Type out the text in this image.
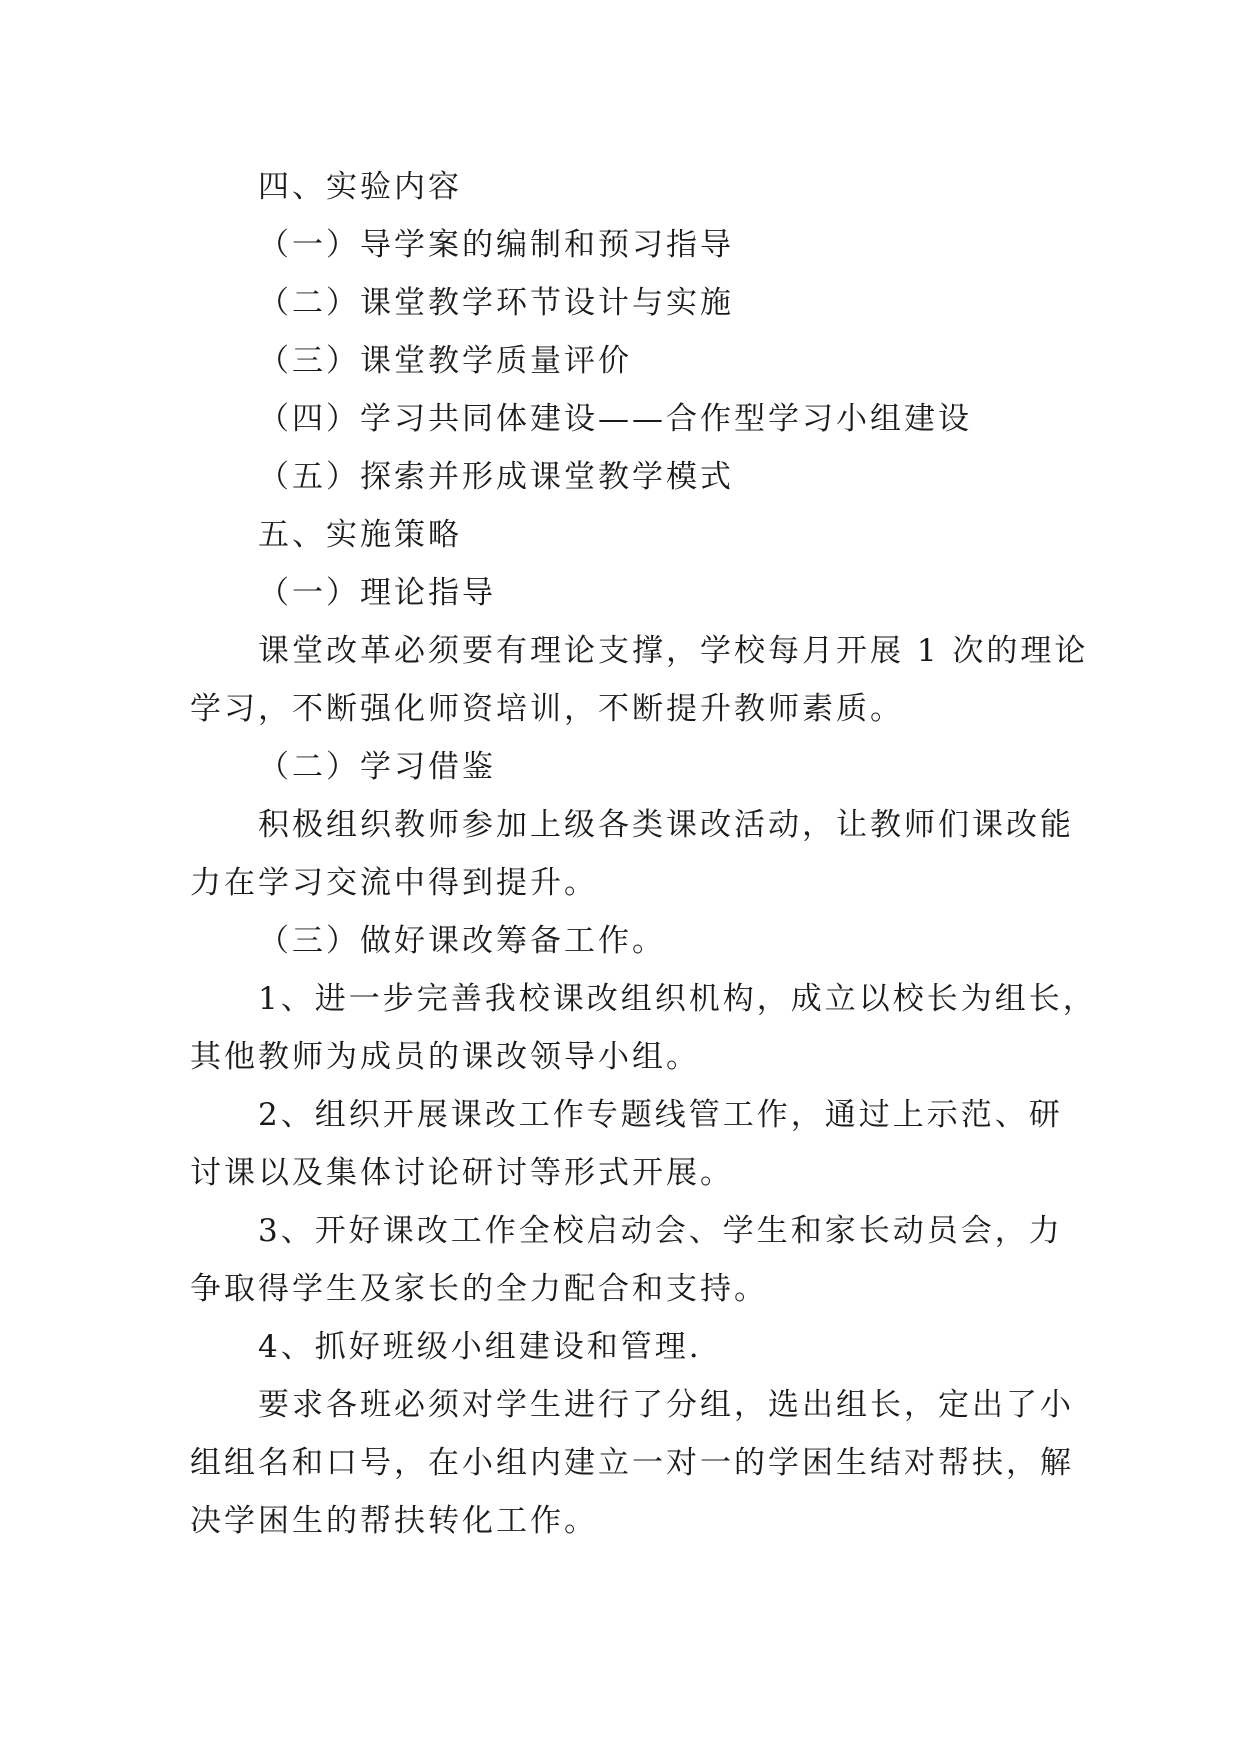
四、实验内容

（一）导学案的编制和预习指导

（二）课堂教学环节设计与实施

（三）课堂教学质量评价

（四）学习共同体建设——合作型学习小组建设

（五）探索并形成课堂教学模式

五、实施策略

（一）理论指导

课堂改革必须要有理论支撑，学校每月开展 1 次的理论

学习，不断强化师资培训，不断提升教师素质。

（二）学习借鉴

积极组织教师参加上级各类课改活动，让教师们课改能

力在学习交流中得到提升。

（三）做好课改筹备工作。

1、进一步完善我校课改组织机构，成立以校长为组长，

其他教师为成员的课改领导小组。

2、组织开展课改工作专题线管工作，通过上示范、研

讨课以及集体讨论研讨等形式开展。

3、开好课改工作全校启动会、学生和家长动员会，力

争取得学生及家长的全力配合和支持。

4、抓好班级小组建设和管理.

要求各班必须对学生进行了分组，选出组长，定出了小

组组名和口号，在小组内建立一对一的学困生结对帮扶，解

决学困生的帮扶转化工作。
